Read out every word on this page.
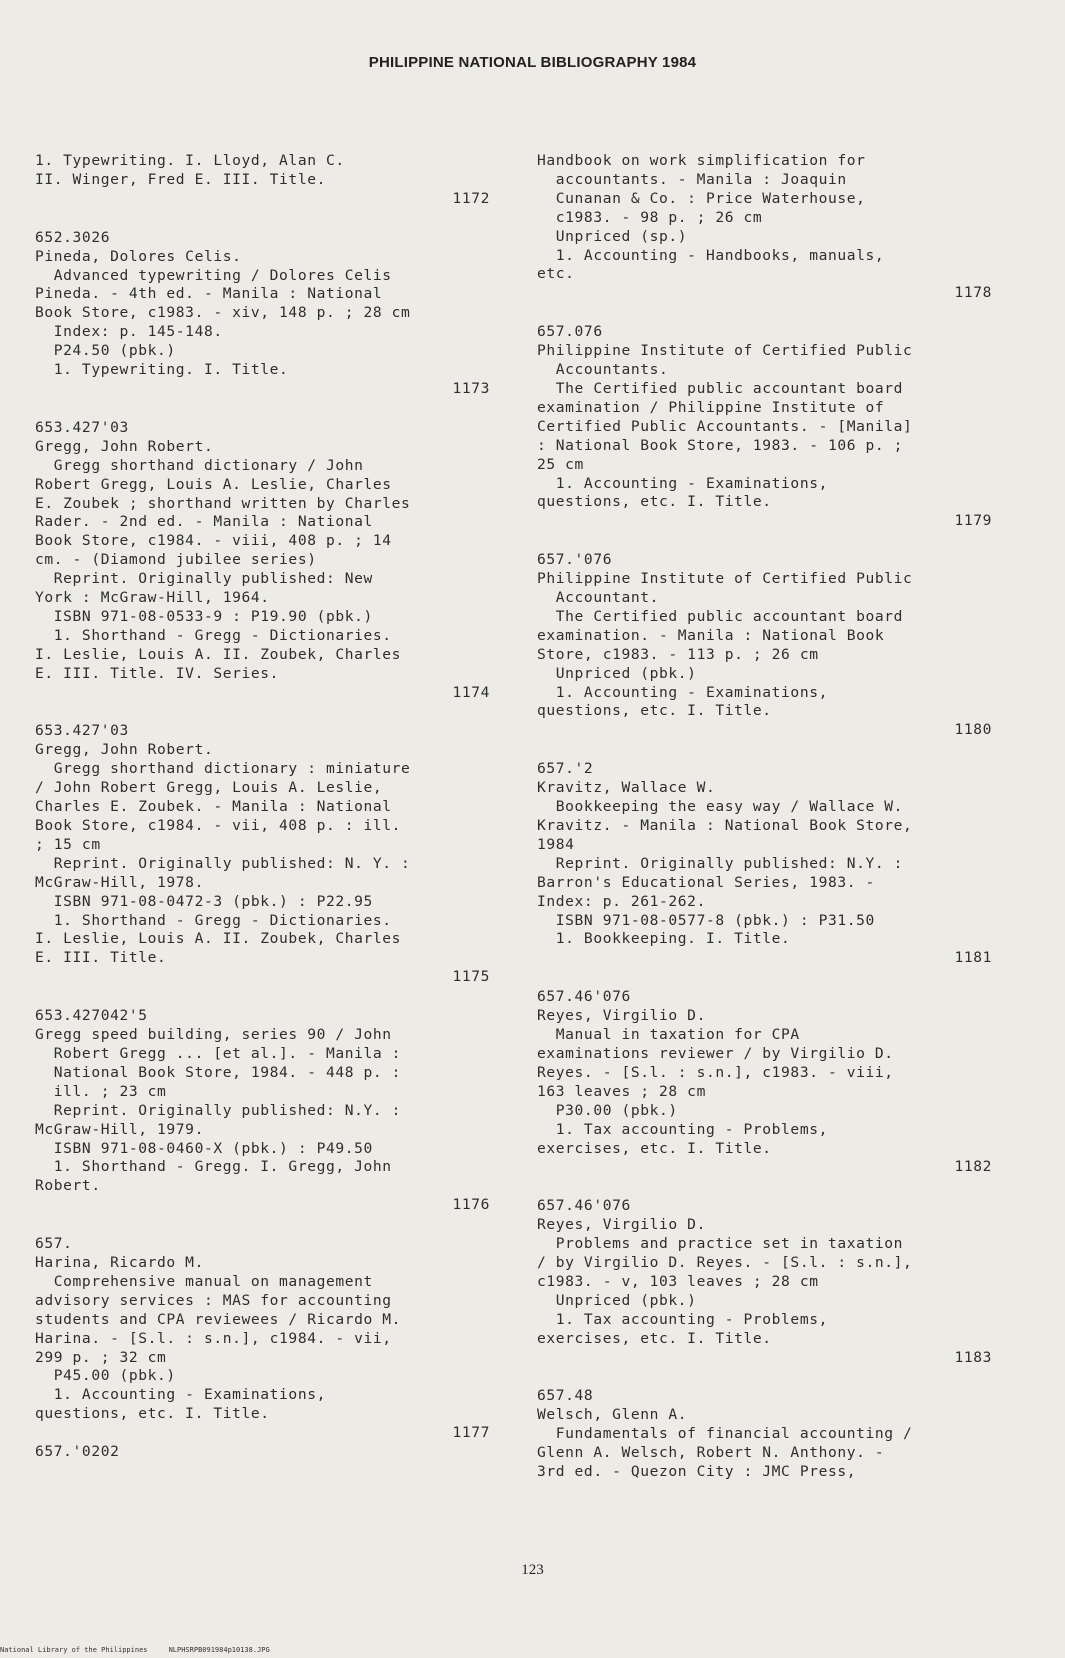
PHILIPPINE NATIONAL BIBLIOGRAPHY 1984

1. Typewriting. I. Lloyd, Alan C.

II. Winger, Fred E. III. Title.

1172

652.3026

Pineda, Dolores Celis.

Advanced typewriting / Dolores Celis

Pineda. - 4th ed. - Manila : National

Book Store, c1983. - xiv, 148 p. ; 28 cm

Index: p. 145-148.

P24.50 (pbk.)

1. Typewriting. I. Title.

1173

653.427'03

Gregg, John Robert.

Gregg shorthand dictionary / John

Robert Gregg, Louis A. Leslie, Charles

E. Zoubek ; shorthand written by Charles

Rader. - 2nd ed. - Manila : National

Book Store, c1984. - viii, 408 p. ; 14

cm. - (Diamond jubilee series)

Reprint. Originally published: New

York : McGraw-Hill, 1964.

ISBN 971-08-0533-9 : P19.90 (pbk.)

1. Shorthand - Gregg - Dictionaries.

I. Leslie, Louis A. II. Zoubek, Charles

E. III. Title. IV. Series.

1174

653.427'03

Gregg, John Robert.

Gregg shorthand dictionary : miniature

/ John Robert Gregg, Louis A. Leslie,

Charles E. Zoubek. - Manila : National

Book Store, c1984. - vii, 408 p. : ill.

; 15 cm

Reprint. Originally published: N. Y. :

McGraw-Hill, 1978.

ISBN 971-08-0472-3 (pbk.) : P22.95

1. Shorthand - Gregg - Dictionaries.

I. Leslie, Louis A. II. Zoubek, Charles

E. III. Title.

1175

653.427042'5

Gregg speed building, series 90 / John

Robert Gregg ... [et al.]. - Manila :

National Book Store, 1984. - 448 p. :

ill. ; 23 cm

Reprint. Originally published: N.Y. :

McGraw-Hill, 1979.

ISBN 971-08-0460-X (pbk.) : P49.50

1. Shorthand - Gregg. I. Gregg, John

Robert.

1176

657.

Harina, Ricardo M.

Comprehensive manual on management

advisory services : MAS for accounting

students and CPA reviewees / Ricardo M.

Harina. - [S.l. : s.n.], c1984. - vii,

299 p. ; 32 cm

P45.00 (pbk.)

1. Accounting - Examinations,

questions, etc. I. Title.

1177

657.'0202

Handbook on work simplification for

accountants. - Manila : Joaquin

Cunanan & Co. : Price Waterhouse,

c1983. - 98 p. ; 26 cm

Unpriced (sp.)

1. Accounting - Handbooks, manuals,

etc.

1178

657.076

Philippine Institute of Certified Public

Accountants.

The Certified public accountant board

examination / Philippine Institute of

Certified Public Accountants. - [Manila]

: National Book Store, 1983. - 106 p. ;

25 cm

1. Accounting - Examinations,

questions, etc. I. Title.

1179

657.'076

Philippine Institute of Certified Public

Accountant.

The Certified public accountant board

examination. - Manila : National Book

Store, c1983. - 113 p. ; 26 cm

Unpriced (pbk.)

1. Accounting - Examinations,

questions, etc. I. Title.

1180

657.'2

Kravitz, Wallace W.

Bookkeeping the easy way / Wallace W.

Kravitz. - Manila : National Book Store,

1984

Reprint. Originally published: N.Y. :

Barron's Educational Series, 1983. -

Index: p. 261-262.

ISBN 971-08-0577-8 (pbk.) : P31.50

1. Bookkeeping. I. Title.

1181

657.46'076

Reyes, Virgilio D.

Manual in taxation for CPA

examinations reviewer / by Virgilio D.

Reyes. - [S.l. : s.n.], c1983. - viii,

163 leaves ; 28 cm

P30.00 (pbk.)

1. Tax accounting - Problems,

exercises, etc. I. Title.

1182

657.46'076

Reyes, Virgilio D.

Problems and practice set in taxation

/ by Virgilio D. Reyes. - [S.l. : s.n.],

c1983. - v, 103 leaves ; 28 cm

Unpriced (pbk.)

1. Tax accounting - Problems,

exercises, etc. I. Title.

1183

657.48

Welsch, Glenn A.

Fundamentals of financial accounting /

Glenn A. Welsch, Robert N. Anthony. -

3rd ed. - Quezon City : JMC Press,

123
National Library of the Philippines     NLPHSRPB091984p10138.JPG
